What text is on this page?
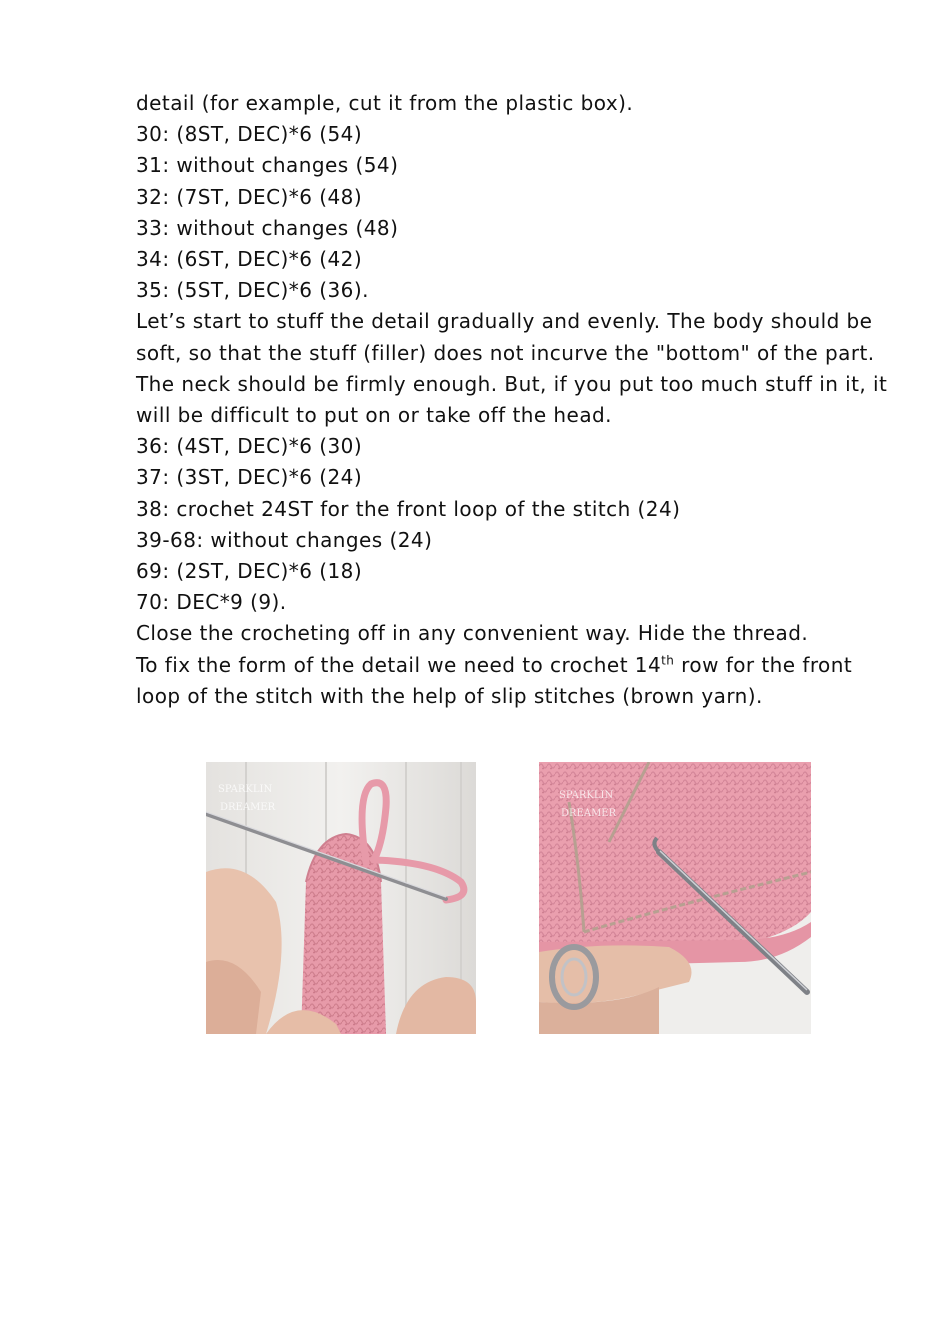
detail (for example, cut it from the plastic box).

30: (8ST, DEC)*6 (54)

31: without changes (54)

32: (7ST, DEC)*6 (48)

33: without changes (48)

34: (6ST, DEC)*6 (42)

35: (5ST, DEC)*6 (36).

Let’s start to stuff the detail gradually and evenly. The body should be soft, so that the stuff (filler) does not incurve the "bottom" of the part. The neck should be firmly enough. But, if you put too much stuff in it, it will be difficult to put on or take off the head.

36: (4ST, DEC)*6 (30)

37: (3ST, DEC)*6 (24)

38: crochet 24ST for the front loop of the stitch (24)

39-68: without changes (24)

69: (2ST, DEC)*6 (18)

70: DEC*9 (9).

Close the crocheting off in any convenient way. Hide the thread.

To fix the form of the detail we need to crochet 14th row for the front loop of the stitch with the help of slip stitches (brown yarn).

SPARKLIN
DREAMER
SPARKLIN
DREAMER
